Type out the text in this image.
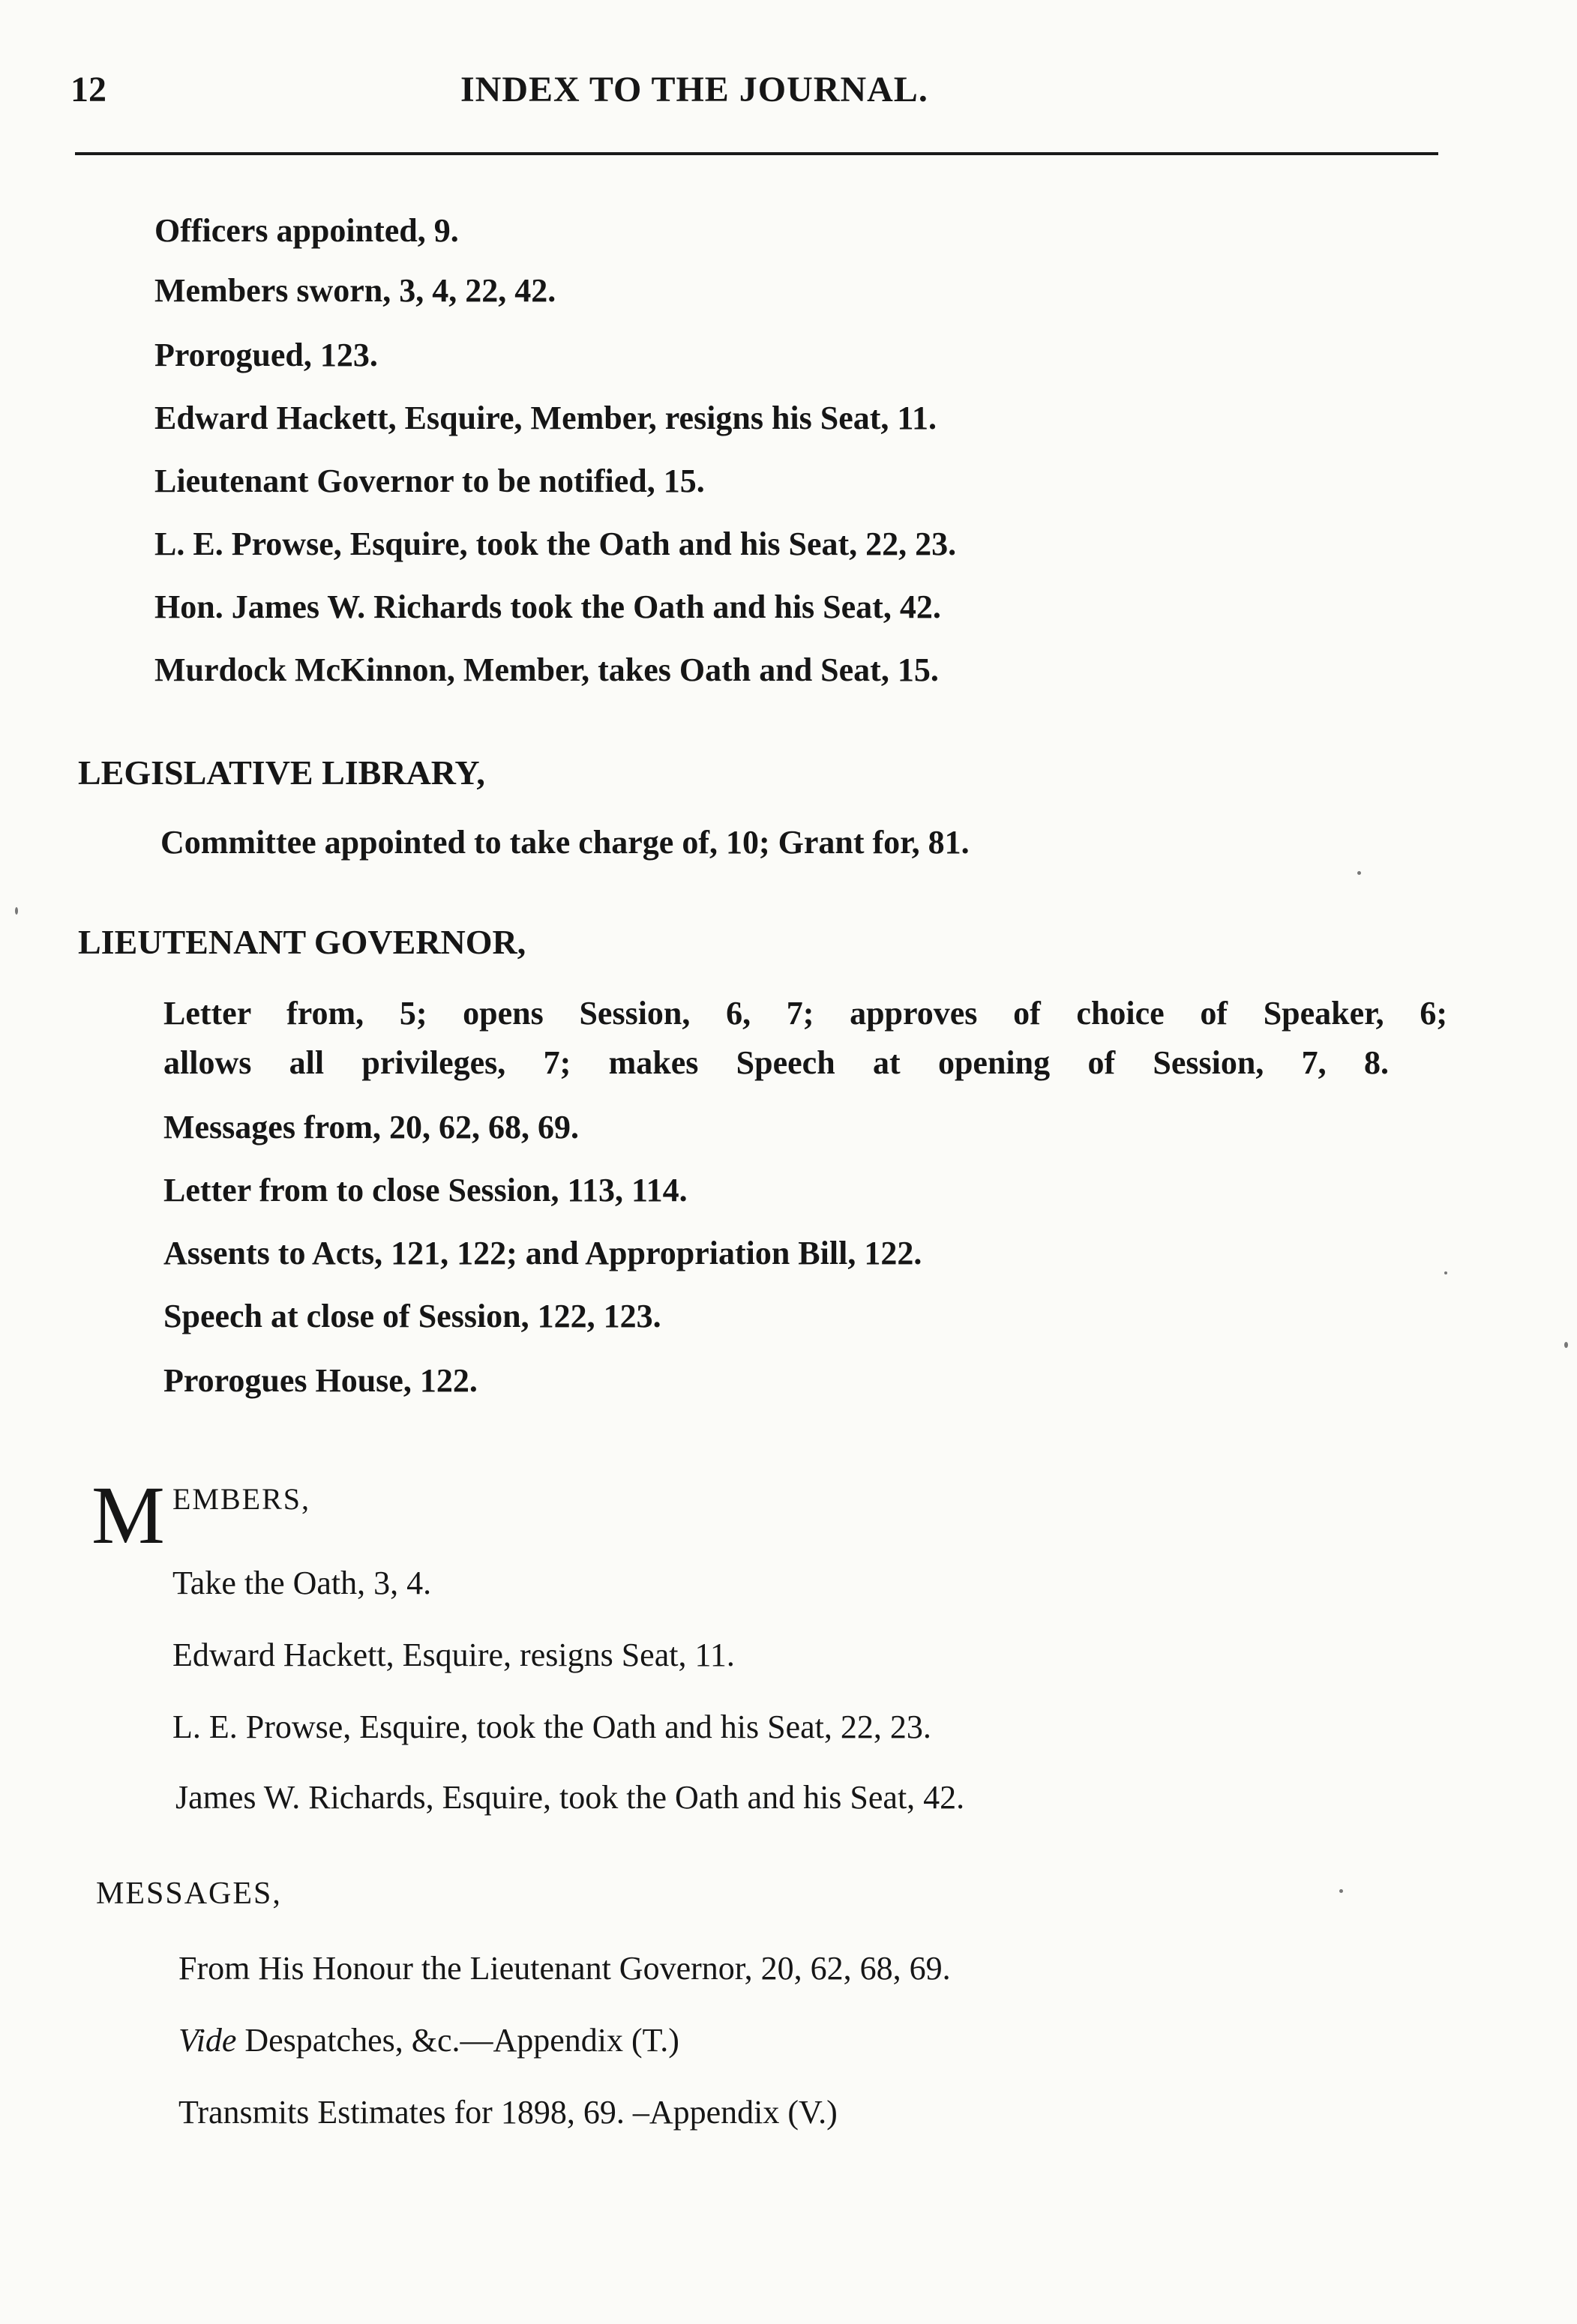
12	INDEX TO THE JOURNAL.
Officers appointed, 9.
Members sworn, 3, 4, 22, 42.
Prorogued, 123.
Edward Hackett, Esquire, Member, resigns his Seat, 11.
Lieutenant Governor to be notified, 15.
L. E. Prowse, Esquire, took the Oath and his Seat, 22, 23.
Hon. James W. Richards took the Oath and his Seat, 42.
Murdock McKinnon, Member, takes Oath and Seat, 15.
LEGISLATIVE LIBRARY,
Committee appointed to take charge of, 10; Grant for, 81.
LIEUTENANT GOVERNOR,
Letter from, 5; opens Session, 6, 7; approves of choice of Speaker, 6;
allows all privileges, 7; makes Speech at opening of Session, 7, 8.
Messages from, 20, 62, 68, 69.
Letter from to close Session, 113, 114.
Assents to Acts, 121, 122; and Appropriation Bill, 122.
Speech at close of Session, 122, 123.
Prorogues House, 122.
M EMBERS,
Take the Oath, 3, 4.
Edward Hackett, Esquire, resigns Seat, 11.
L. E. Prowse, Esquire, took the Oath and his Seat, 22, 23.
James W. Richards, Esquire, took the Oath and his Seat, 42.
MESSAGES,
From His Honour the Lieutenant Governor, 20, 62, 68, 69.
Vide Despatches, &c.—Appendix (T.)
Transmits Estimates for 1898, 69. –Appendix (V.)
